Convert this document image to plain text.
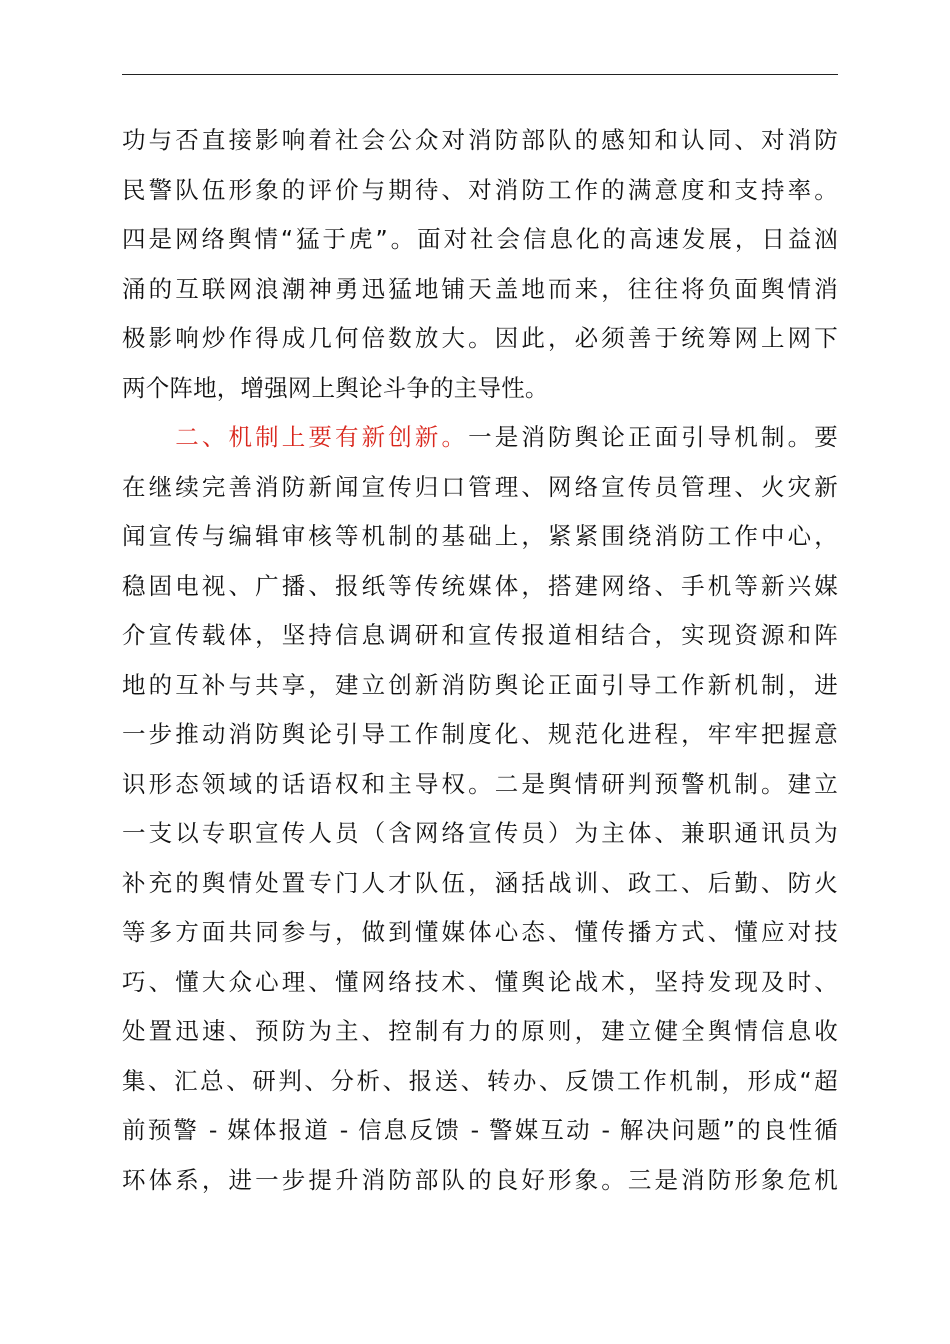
功与否直接影响着社会公众对消防部队的感知和认同、对消防
民警队伍形象的评价与期待、对消防工作的满意度和支持率。
四是网络舆情“猛于虎”。面对社会信息化的高速发展，日益汹
涌的互联网浪潮神勇迅猛地铺天盖地而来，往往将负面舆情消
极影响炒作得成几何倍数放大。因此，必须善于统筹网上网下
两个阵地，增强网上舆论斗争的主导性。
　　二、机制上要有新创新。一是消防舆论正面引导机制。要
在继续完善消防新闻宣传归口管理、网络宣传员管理、火灾新
闻宣传与编辑审核等机制的基础上，紧紧围绕消防工作中心，
稳固电视、广播、报纸等传统媒体，搭建网络、手机等新兴媒
介宣传载体，坚持信息调研和宣传报道相结合，实现资源和阵
地的互补与共享，建立创新消防舆论正面引导工作新机制，进
一步推动消防舆论引导工作制度化、规范化进程，牢牢把握意
识形态领域的话语权和主导权。二是舆情研判预警机制。建立
一支以专职宣传人员（含网络宣传员）为主体、兼职通讯员为
补充的舆情处置专门人才队伍，涵括战训、政工、后勤、防火
等多方面共同参与，做到懂媒体心态、懂传播方式、懂应对技
巧、懂大众心理、懂网络技术、懂舆论战术，坚持发现及时、
处置迅速、预防为主、控制有力的原则，建立健全舆情信息收
集、汇总、研判、分析、报送、转办、反馈工作机制，形成“超
前预警 - 媒体报道 - 信息反馈 - 警媒互动 - 解决问题”的良性循
环体系，进一步提升消防部队的良好形象。三是消防形象危机
